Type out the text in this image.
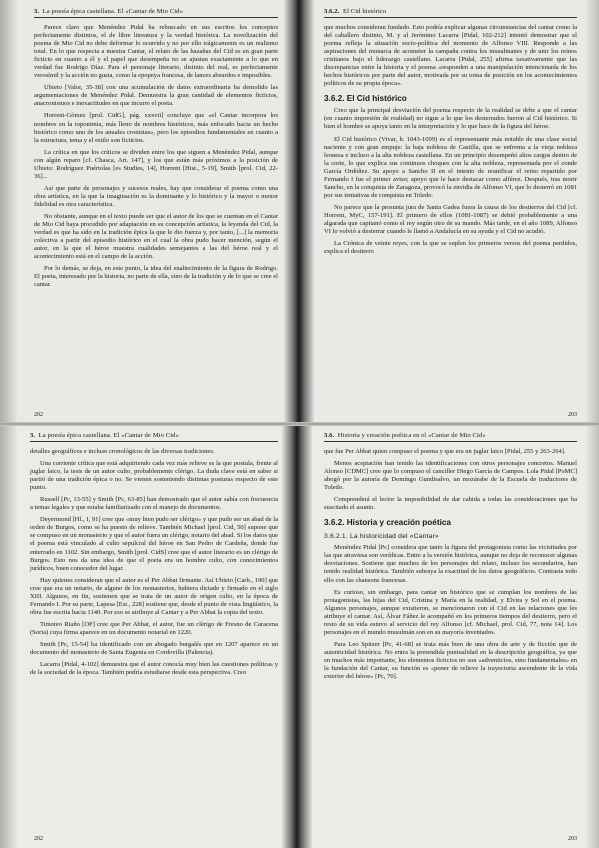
3. La poesía épica castellana. El «Cantar de Mio Cid»

Parece claro que Menéndez Pidal ha rebuscado en sus escritos los conceptos perfectamente distintos, el de libre literatura y la verdad histórica. La novelización del poema de Mio Cid no debe deformar lo ocurrido y no por ello trágicamente es un realismo total. En lo que respecta a nuestra Cantar, el relato de las hazañas del Cid es en gran parte ficticio en cuanto a él y el papel que desempeña no se ajustan exactamente a lo que en verdad fue Rodrigo Díaz. Para el personaje literario, distinto del real, es perfectamente verosímil y la acción no gusta, como la epopeya francesa, de lances absurdos e imposibles.

Ubieto [Valor, 35-38] con una acumulación de datos extraordinaria ha demolido las argumentaciones de Menéndez Pidal. Demuestra la gran cantidad de elementos ficticios, anacronismos e inexactitudes en que incurre el poeta.

Horrent-Gómez [prol. CidG], pág. xxxvii] concluye que «el Cantar incorpora los nombres en la toponimia, más lleno de nombres históricos, más enfocado hacia un hecho histórico como uno de los anuales cronistas», pero los episodios fundamentales en cuanto a la estructura, tema y el estilo son ficticios.

La crítica en que los críticos se dividen entre los que siguen a Menéndez Pidal, aunque con algún reparo [cf. Chasca, Art. 147], y los que están más próximos a la posición de Ubieto: Rodríguez Puértolas [es Studies, 14], Horrent [Hist., 5-19], Smith [prol. Cid, 22-36]...

Así que parte de personajes y sucesos reales, hay que considerar el poema como una obra artística, en la que la imaginación es la dominante y lo histórico y la mayor o menor fidelidad es otra característica.

No obstante, aunque en el texto puede ser que el autor de los que se cuentan en el Cantar de Mio Cid haya procedido por adaptación en su concepción artística, la leyenda del Cid, la verdad es que ha sido en la tradición épica la que le dio fuerza y, por tanto, [...] la memoria colectiva a partir del episodio histórico en el cual la obra pudo hacer mención, según el autor, en la que el héroe muestra cualidades semejantes a las del héroe real y el acontecimiento está en el campo de la acción.

Por lo demás, se deja, en este punto, la idea del enaltecimiento de la figura de Rodrigo. El poeta, interesado por la historia, no parte de ella, sino de la tradición y de lo que se cree el cantar.

202
3.6.2. El Cid histórico

que muchos consideran fundado. Esto podría explicar algunas circunstancias del cantar como la del caballero distinto, M. y al Jerónimo Lacarra [Pidal, 102-212] intentó demostrar que el poema refleja la situación socio-política del momento de Alfonso VIII. Responde a las aspiraciones del monarca de acometer la campaña contra los musulmanes y de unir los reinos cristianos bajo el liderazgo castellano. Lacarra [Pidal, 255] afirma taxativamente que las discrepancias entre la historia y el poema «responden a una manipulación intencionada de los hechos históricos por parte del autor, motivada por su toma de posición en los acontecimientos políticos de su propia época».

3.6.2. El Cid histórico

Creo que la principal desviación del poema respecto de la realidad se debe a que el cantar (en cuanto impresión de realidad) no sigue a lo que los desterrados fueron al Cid histórico. Si bien el hombre se apoya tanto en la interpretación y lo que hace de la figura del héroe.

El Cid histórico (Vivar, h. 1043-1099) es el representante más notable de una clase social naciente y con gran empuje: la baja nobleza de Castilla, que se enfrenta a la vieja nobleza leonesa e incluso a la alta nobleza castellana. En un principio desempeñó altos cargos dentro de la corte, lo que explica sus continuos choques con la alta nobleza, representada por el conde García Ordóñez. Su apoyo a Sancho II en el intento de reunificar el reino repartido por Fernando I fue el primer aviso; apoyo que le hace destacar como alférez. Después, tras morir Sancho, en la conquista de Zaragoza, provocó la envidia de Alfonso VI, que lo desterró en 1081 por sus tentativas de conquista en Toledo.

No parece que la presunta jura de Santa Gadea fuera la causa de los destierros del Cid [cf. Horrent, MyC, 157-191]. El primero de ellos (1081-1087) se debió probablemente a una algarada que capitanó como el rey según otro de su mando. Más tarde, en el año 1089, Alfonso VI lo volvió a desterrar cuando le llamó a Andalucía en su ayuda y el Cid no acudió.

La Crónica de veinte reyes, con la que se suplen los primeros versos del poema perdidos, explica el destierro

203
3. La poesía épica castellana. El «Cantar de Mio Cid»

detalles geográficos e incluso cronológicos de las diversas tradiciones.

Una corriente crítica que está adquiriendo cada vez más relieve es la que postula, frente al juglar laico, la tesis de un autor culto, probablemente clérigo. La duda clave está en saber si partió de una tradición épica o no. Se vienen sosteniendo distintas posturas respecto de este punto.

Russell [Pc, 13-55] y Smith [Pc, 63-85] han demostrado que el autor sabía con frecuencia a temas legales y que estaba familiarizado con el manejo de documentos.

Deyermond [Hl., I, 91] cree que «muy bien pudo ser clérigo» y que pudo ser un abad de la orden de Burgos, como se ha puesto de relieve. También Michael [prol. Cid, 50] supone que se compuso en un monasterio y que el autor fuera un clérigo, notario del abad. Si los datos que el poema está vinculado al culto sepulcral del héroe en San Pedro de Cardeña, donde fue enterrado en 1102. Sin embargo, Smith [prol. CidS] cree que el autor literario es un clérigo de Burgos. Esto nos da una idea de que el poeta era un hombre culto, con conocimientos jurídicos, buen conocedor del lugar.

Hay quienes consideran que el autor es el Per Abbat firmante. Así Ubieto [Carb., 190] que cree que era un notario, de alguno de los monasterios, hubiera dictado y firmado en el siglo XIII. Algunos, en fin, sostienen que se trata de un autor de origen culto, en la época de Fernando I. Por su parte, Lapesa [Est., 228] sostiene que, desde el punto de vista lingüístico, la obra fue escrita hacia 1140. Por eso se atribuye al Cantar y a Per Abbat la copia del texto.

Timoteo Riaño [OP] cree que Per Abbat, el autor, fue un clérigo de Fresno de Caracena (Soria) cuya firma aparece en un documento notarial en 1220.

Smith [Pc, 15-54] ha identificado con un abogado burgalés que en 1207 aparece en un documento del monasterio de Santa Eugenia en Cordovilla (Palencia).

Lacarra [Pidal, 4-102] demuestra que el autor conocía muy bien las cuestiones políticas y de la sociedad de la época. También podría estudiarse desde esta perspectiva. Creo

202
3.6. Historia y creación poética en el «Cantar de Mio Cid»

que fue Per Abbat quien compuso el poema y que era un juglar laico [Pidal, 255 y 263-264].

Menos aceptación han tenido las identificaciones con otros personajes concretos. Manuel Alonso [CDMC] cree que lo compuso el canciller Diego García de Campos. Lola Pidal [PoMC] abogó por la autoría de Domingo Gundisalvo, un mozárabe de la Escuela de traductores de Toledo.

Comprenderá el lector la imposibilidad de dar cabida a todas las consideraciones que ha suscitado el asunto.

3.6.2. Historia y creación poética
3.6.2.1. La historicidad del «Cantar»

Menéndez Pidal [Pc] considera que tanto la figura del protagonista como las vicisitudes por las que atraviesa son verídicas. Entre a la versión histórica, aunque no deja de reconocer algunas desviaciones. Sostiene que muchos de los personajes del relato, incluso los secundarios, han tenido realidad histórica. También subraya la exactitud de los datos geográficos. Contrasta todo ello con las chansons francesas.

Es curioso, sin embargo, para cantar un histórico que se cumplan los nombres de las protagonistas, las hijas del Cid, Cristina y María en la realidad, y Elvira y Sol en el poema. Algunos personajes, aunque existieron, se mencionaron con el Cid en las relaciones que les atribuye el cantar. Así, Álvar Fáñez le acompañó en los primeros tiempos del destierro, pero el resto de su vida estuvo al servicio del rey Alfonso [cf. Michael, prol. Cid, 77, nota 14]. Los personajes en el mundo musulmán son en su mayoría inventados.

Para Leo Spitzer [Pc, 41-68] se trata más bien de una obra de arte y de ficción que de autenticidad histórica. No entra la pretendida puntualidad en la descripción geográfica, ya que en muchos más importante, los elementos ficticios no son «adventicios, sino fundamentales» en la fundación del Cantar, su función es «poner de relieve la trayectoria ascendente de la vida exterior del héroe» [Pc, 70].

203
